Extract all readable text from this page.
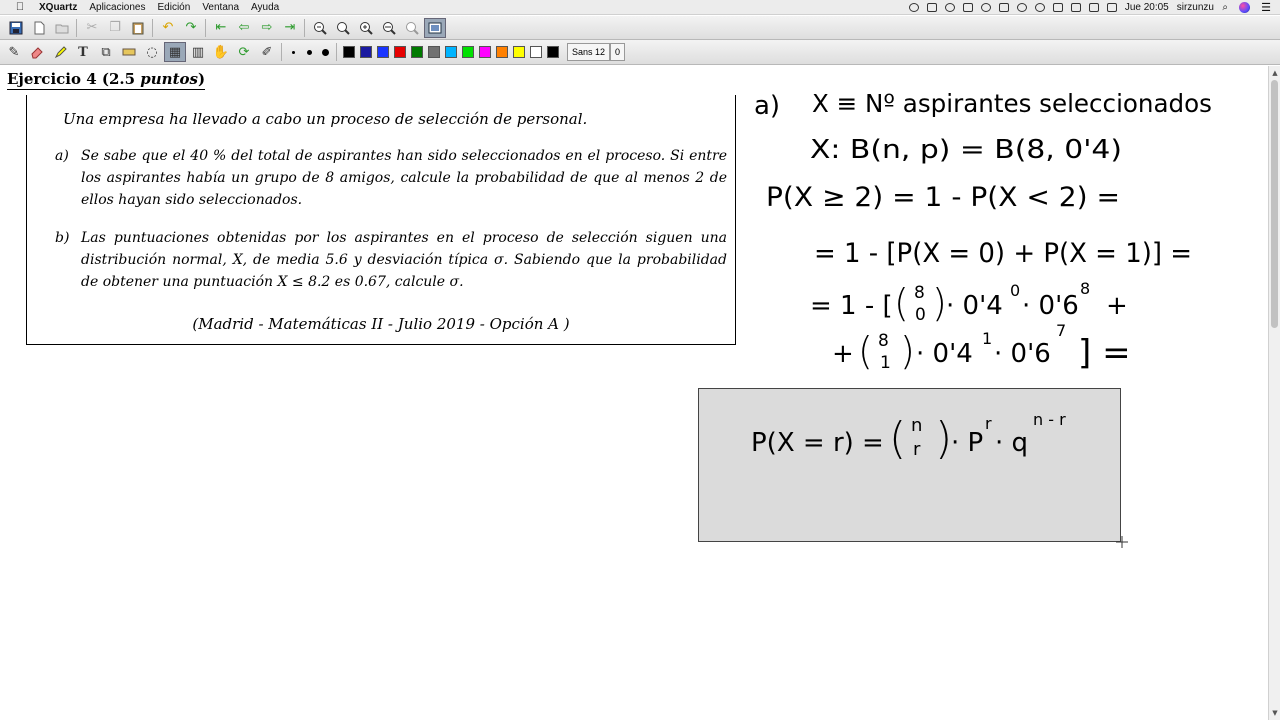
XQuartz	Aplicaciones	Edición	Ventana	Ayuda	Jue 20:05 sirzunzu ⌕	☰
✂ ❐	↶ ↷	⇤ ⇦ ⇨ ⇥
✎	T	⧉	◌ ▦ ▥ ✋ ⟳ ✐	Sans 12	0
▲
▼
Ejercicio 4 (2.5 puntos)
Una empresa ha llevado a cabo un proceso de selección de personal.
a) Se sabe que el 40 % del total de aspirantes han sido seleccionados en el proceso. Si entre los aspirantes había un grupo de 8 amigos, calcule la probabilidad de que al menos 2 de ellos hayan sido seleccionados.
b) Las puntuaciones obtenidas por los aspirantes en el proceso de selección siguen una distribución normal, X, de media 5.6 y desviación típica σ. Sabiendo que la probabilidad de obtener una puntuación X ≤ 8.2 es 0.67, calcule σ.
(Madrid - Matemáticas II - Julio 2019 - Opción A )
P(X = r) = ( n
r )
· P
r
· q
n - r
a) X ≡ Nº aspirantes seleccionados
X: B(n, p) = B(8, 0'4)
P(X ≥ 2) = 1 - P(X < 2) =
= 1 - [P(X = 0) + P(X = 1)] =
= 1 - [ ( 8
0 ) · 0'4
0
· 0'6
8
+
+ ( 8
1 ) · 0'4
1
· 0'6
7
] =
